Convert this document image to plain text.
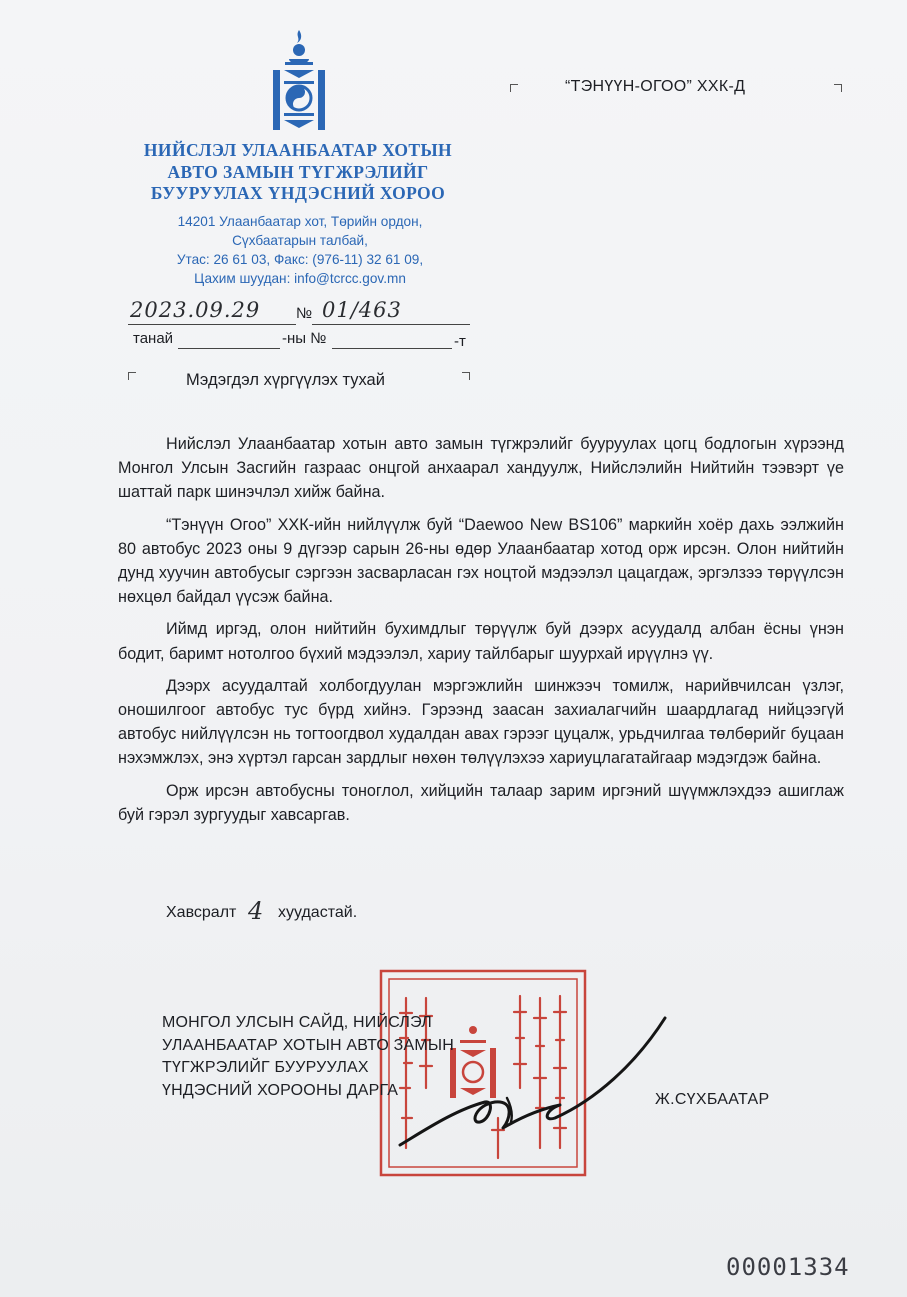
НИЙСЛЭЛ УЛААНБААТАР ХОТЫН
АВТО ЗАМЫН ТҮГЖРЭЛИЙГ
БУУРУУЛАХ ҮНДЭСНИЙ ХОРОО
14201 Улаанбаатар хот, Төрийн ордон,
Сүхбаатарын талбай,
Утас: 26 61 03, Факс: (976-11) 32 61 09,
Цахим шуудан: info@tcrcc.gov.mn
“ТЭНҮҮН-ОГОО” ХХК-Д
2023.09.29 № 01/463
танай	-ны №	-т
Мэдэгдэл хүргүүлэх тухай

Нийслэл Улаанбаатар хотын авто замын түгжрэлийг бууруулах цогц бодлогын хүрээнд Монгол Улсын Засгийн газраас онцгой анхаарал хандуулж, Нийслэлийн Нийтийн тээвэрт үе шаттай парк шинэчлэл хийж байна.

“Тэнүүн Огоо” ХХК-ийн нийлүүлж буй “Daewoo New BS106” маркийн хоёр дахь ээлжийн 80 автобус 2023 оны 9 дүгээр сарын 26-ны өдөр Улаанбаатар хотод орж ирсэн. Олон нийтийн дунд хуучин автобусыг сэргээн засварласан гэх ноцтой мэдээлэл цацагдаж, эргэлзээ төрүүлсэн нөхцөл байдал үүсэж байна.

Иймд иргэд, олон нийтийн бухимдлыг төрүүлж буй дээрх асуудалд албан ёсны үнэн бодит, баримт нотолгоо бүхий мэдээлэл, хариу тайлбарыг шуурхай ирүүлнэ үү.

Дээрх асуудалтай холбогдуулан мэргэжлийн шинжээч томилж, нарийвчилсан үзлэг, оношилгоог автобус тус бүрд хийнэ. Гэрээнд заасан захиалагчийн шаардлагад нийцээгүй автобус нийлүүлсэн нь тогтоогдвол худалдан авах гэрээг цуцалж, урьдчилгаа төлбөрийг буцаан нэхэмжлэх, энэ хүртэл гарсан зардлыг нөхөн төлүүлэхээ хариуцлагатайгаар мэдэгдэж байна.

Орж ирсэн автобусны тоноглол, хийцийн талаар зарим иргэний шүүмжлэхдээ ашиглаж буй гэрэл зургуудыг хавсаргав.

Хавсралт 4 хуудастай.
МОНГОЛ УЛСЫН САЙД, НИЙСЛЭЛ
УЛААНБААТАР ХОТЫН АВТО ЗАМЫН
ТҮГЖРЭЛИЙГ БУУРУУЛАХ
ҮНДЭСНИЙ ХОРООНЫ ДАРГА
Ж.СҮХБААТАР
00001334
